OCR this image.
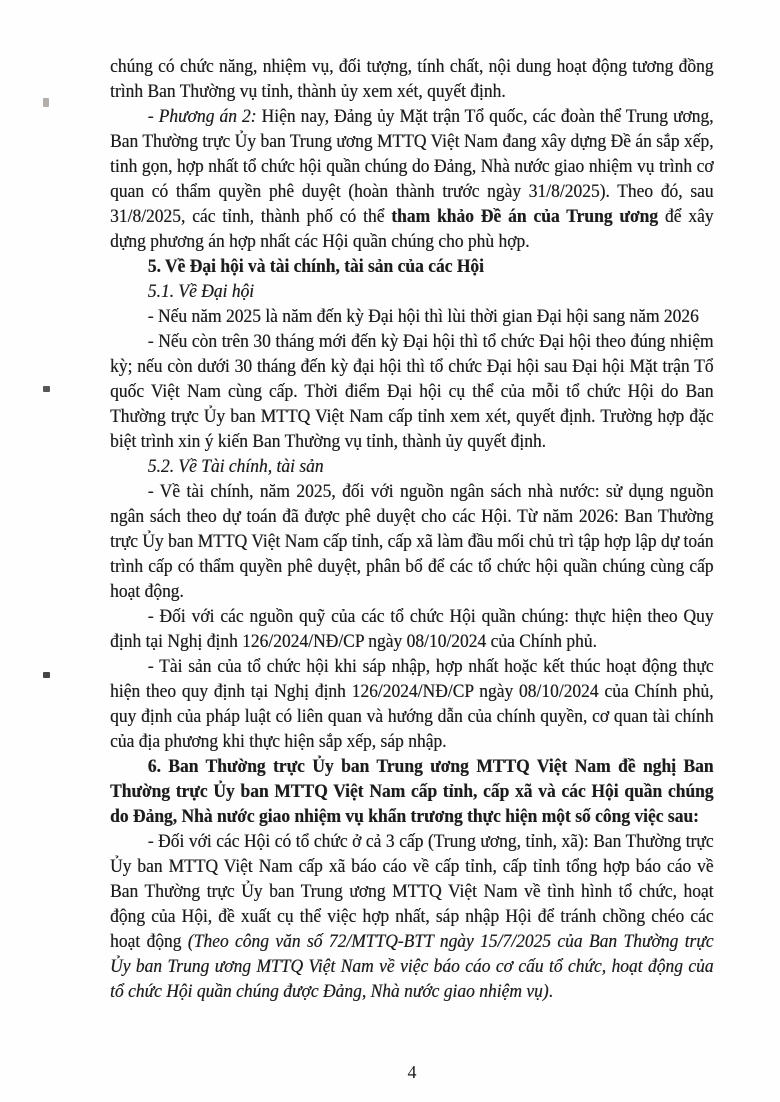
chúng có chức năng, nhiệm vụ, đối tượng, tính chất, nội dung hoạt động tương đồng trình Ban Thường vụ tỉnh, thành ủy xem xét, quyết định.

- Phương án 2: Hiện nay, Đảng ủy Mặt trận Tổ quốc, các đoàn thể Trung ương, Ban Thường trực Ủy ban Trung ương MTTQ Việt Nam đang xây dựng Đề án sắp xếp, tinh gọn, hợp nhất tổ chức hội quần chúng do Đảng, Nhà nước giao nhiệm vụ trình cơ quan có thẩm quyền phê duyệt (hoàn thành trước ngày 31/8/2025). Theo đó, sau 31/8/2025, các tỉnh, thành phố có thể tham khảo Đề án của Trung ương để xây dựng phương án hợp nhất các Hội quần chúng cho phù hợp.

5. Về Đại hội và tài chính, tài sản của các Hội

5.1. Về Đại hội

- Nếu năm 2025 là năm đến kỳ Đại hội thì lùi thời gian Đại hội sang năm 2026

- Nếu còn trên 30 tháng mới đến kỳ Đại hội thì tổ chức Đại hội theo đúng nhiệm kỳ; nếu còn dưới 30 tháng đến kỳ đại hội thì tổ chức Đại hội sau Đại hội Mặt trận Tổ quốc Việt Nam cùng cấp. Thời điểm Đại hội cụ thể của mỗi tổ chức Hội do Ban Thường trực Ủy ban MTTQ Việt Nam cấp tỉnh xem xét, quyết định. Trường hợp đặc biệt trình xin ý kiến Ban Thường vụ tỉnh, thành ủy quyết định.

5.2. Về Tài chính, tài sản

- Về tài chính, năm 2025, đối với nguồn ngân sách nhà nước: sử dụng nguồn ngân sách theo dự toán đã được phê duyệt cho các Hội. Từ năm 2026: Ban Thường trực Ủy ban MTTQ Việt Nam cấp tỉnh, cấp xã làm đầu mối chủ trì tập hợp lập dự toán trình cấp có thẩm quyền phê duyệt, phân bổ để các tổ chức hội quần chúng cùng cấp hoạt động.

- Đối với các nguồn quỹ của các tổ chức Hội quần chúng: thực hiện theo Quy định tại Nghị định 126/2024/NĐ/CP ngày 08/10/2024 của Chính phủ.

- Tài sản của tổ chức hội khi sáp nhập, hợp nhất hoặc kết thúc hoạt động thực hiện theo quy định tại Nghị định 126/2024/NĐ/CP ngày 08/10/2024 của Chính phủ, quy định của pháp luật có liên quan và hướng dẫn của chính quyền, cơ quan tài chính của địa phương khi thực hiện sắp xếp, sáp nhập.

6. Ban Thường trực Ủy ban Trung ương MTTQ Việt Nam đề nghị Ban Thường trực Ủy ban MTTQ Việt Nam cấp tỉnh, cấp xã và các Hội quần chúng do Đảng, Nhà nước giao nhiệm vụ khẩn trương thực hiện một số công việc sau:

- Đối với các Hội có tổ chức ở cả 3 cấp (Trung ương, tỉnh, xã): Ban Thường trực Ủy ban MTTQ Việt Nam cấp xã báo cáo về cấp tỉnh, cấp tỉnh tổng hợp báo cáo về Ban Thường trực Ủy ban Trung ương MTTQ Việt Nam về tình hình tổ chức, hoạt động của Hội, đề xuất cụ thể việc hợp nhất, sáp nhập Hội để tránh chồng chéo các hoạt động (Theo công văn số 72/MTTQ-BTT ngày 15/7/2025 của Ban Thường trực Ủy ban Trung ương MTTQ Việt Nam về việc báo cáo cơ cấu tổ chức, hoạt động của tổ chức Hội quần chúng được Đảng, Nhà nước giao nhiệm vụ).

4
